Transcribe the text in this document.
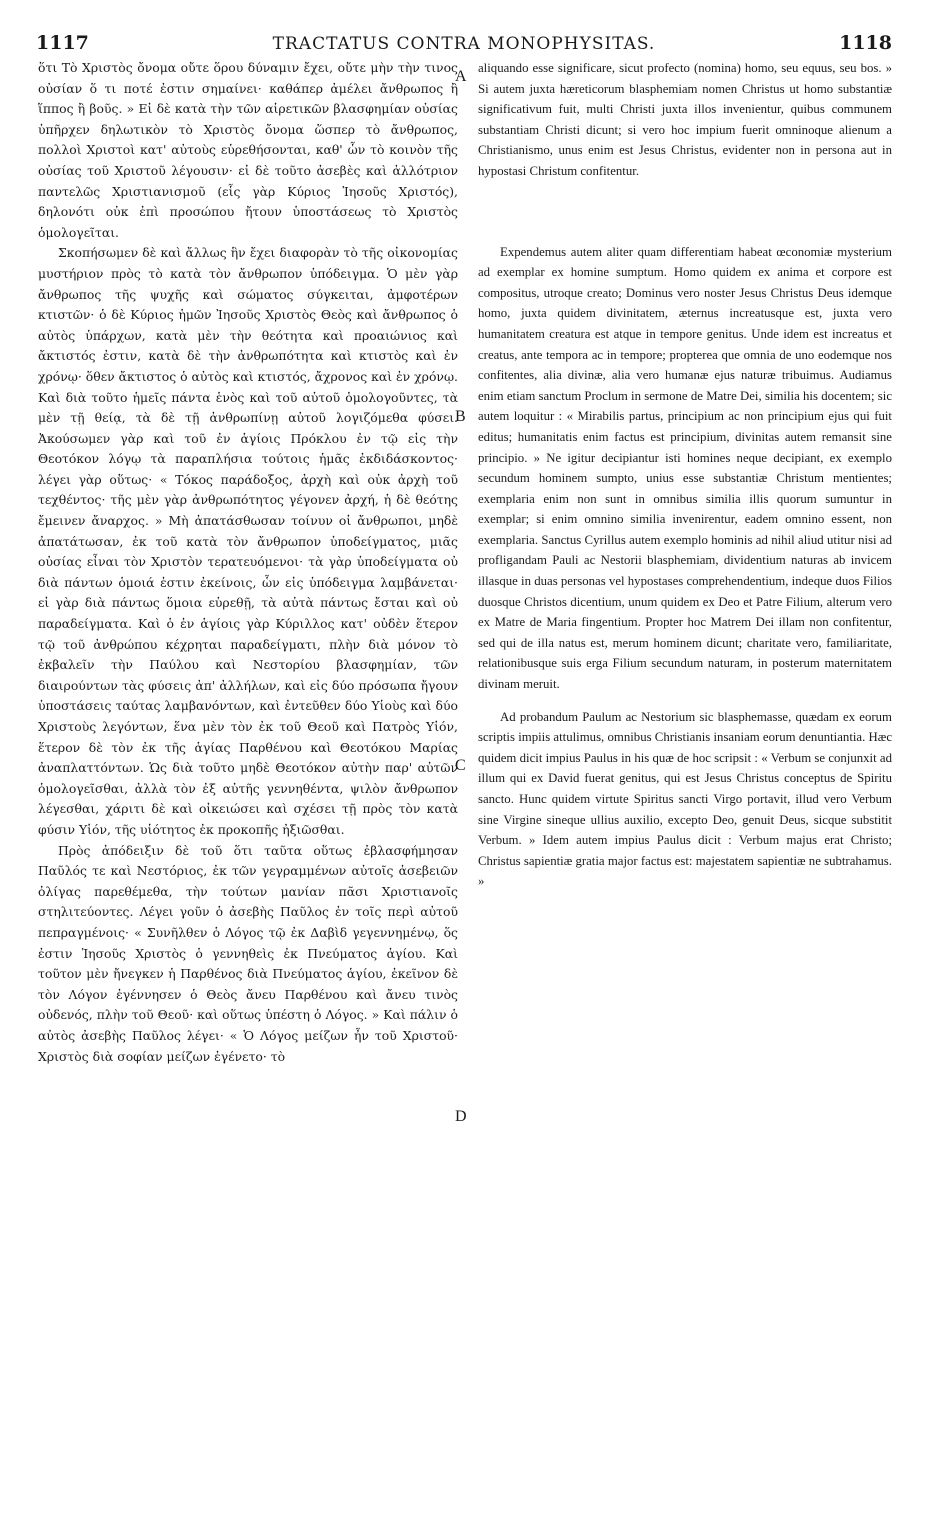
1117	TRACTATUS CONTRA MONOPHYSITAS.	1118

ὅτι Τὸ Χριστὸς ὄνομα οὔτε ὅρου δύναμιν ἔχει, οὔτε μὴν τὴν τινος οὐσίαν ὅ τι ποτέ ἐστιν σημαίνει· καθάπερ ἀμέλει ἄνθρωπος ἢ ἵππος ἢ βοῦς. » Εἰ δὲ κατὰ τὴν τῶν αἱρετικῶν βλασφημίαν οὐσίας ὑπῆρχεν δηλωτικὸν τὸ Χριστὸς ὄνομα ὥσπερ τὸ ἄνθρωπος, πολλοὶ Χριστοὶ κατ' αὐτοὺς εὑρεθήσονται, καθ' ὧν τὸ κοινὸν τῆς οὐσίας τοῦ Χριστοῦ λέγουσιν· εἰ δὲ τοῦτο ἀσεβὲς καὶ ἀλλότριον παντελῶς Χριστιανισμοῦ (εἷς γὰρ Κύριος Ἰησοῦς Χριστός), δηλονότι οὐκ ἐπὶ προσώπου ἤτουν ὑποστάσεως τὸ Χριστὸς ὁμολογεῖται.

Σκοπήσωμεν δὲ καὶ ἄλλως ἣν ἔχει διαφορὰν τὸ τῆς οἰκονομίας μυστήριον πρὸς τὸ κατὰ τὸν ἄνθρωπον ὑπόδειγμα. Ὁ μὲν γὰρ ἄνθρωπος τῆς ψυχῆς καὶ σώματος σύγκειται, ἀμφοτέρων κτιστῶν· ὁ δὲ Κύριος ἡμῶν Ἰησοῦς Χριστὸς Θεὸς καὶ ἄνθρωπος ὁ αὐτὸς ὑπάρχων, κατὰ μὲν τὴν θεότητα καὶ προαιώνιος καὶ ἄκτιστός ἐστιν, κατὰ δὲ τὴν ἀνθρωπότητα καὶ κτιστὸς καὶ ἐν χρόνῳ· ὅθεν ἄκτιστος ὁ αὐτὸς καὶ κτιστός, ἄχρονος καὶ ἐν χρόνῳ. Καὶ διὰ τοῦτο ἡμεῖς πάντα ἑνὸς καὶ τοῦ αὐτοῦ ὁμολογοῦντες, τὰ μὲν τῇ θείᾳ, τὰ δὲ τῇ ἀνθρωπίνῃ αὐτοῦ λογιζόμεθα φύσει. Ἀκούσωμεν γὰρ καὶ τοῦ ἐν ἁγίοις Πρόκλου ἐν τῷ εἰς τὴν Θεοτόκον λόγῳ τὰ παραπλήσια τούτοις ἡμᾶς ἐκδιδάσκοντος· λέγει γὰρ οὕτως· « Τόκος παράδοξος, ἀρχὴ καὶ οὐκ ἀρχὴ τοῦ τεχθέντος· τῆς μὲν γὰρ ἀνθρωπότητος γέγονεν ἀρχή, ἡ δὲ θεότης ἔμεινεν ἄναρχος. » Μὴ ἀπατάσθωσαν τοίνυν οἱ ἄνθρωποι, μηδὲ ἀπατάτωσαν, ἐκ τοῦ κατὰ τὸν ἄνθρωπον ὑποδείγματος, μιᾶς οὐσίας εἶναι τὸν Χριστὸν τερατευόμενοι· τὰ γὰρ ὑποδείγματα οὐ διὰ πάντων ὁμοιά ἐστιν ἐκείνοις, ὧν εἰς ὑπόδειγμα λαμβάνεται· εἰ γὰρ διὰ πάντως ὅμοια εὑρεθῇ, τὰ αὐτὰ πάντως ἔσται καὶ οὐ παραδείγματα. Καὶ ὁ ἐν ἁγίοις γὰρ Κύριλλος κατ' οὐδὲν ἕτερον τῷ τοῦ ἀνθρώπου κέχρηται παραδείγματι, πλὴν διὰ μόνον τὸ ἐκβαλεῖν τὴν Παύλου καὶ Νεστορίου βλασφημίαν, τῶν διαιρούντων τὰς φύσεις ἀπ' ἀλλήλων, καὶ εἰς δύο πρόσωπα ἤγουν ὑποστάσεις ταύτας λαμβανόντων, καὶ ἐντεῦθεν δύο Υἱοὺς καὶ δύο Χριστοὺς λεγόντων, ἕνα μὲν τὸν ἐκ τοῦ Θεοῦ καὶ Πατρὸς Υἱόν, ἕτερον δὲ τὸν ἐκ τῆς ἁγίας Παρθένου καὶ Θεοτόκου Μαρίας ἀναπλαττόντων. Ὡς διὰ τοῦτο μηδὲ Θεοτόκον αὐτὴν παρ' αὐτῶν ὁμολογεῖσθαι, ἀλλὰ τὸν ἐξ αὐτῆς γεννηθέντα, ψιλὸν ἄνθρωπον λέγεσθαι, χάριτι δὲ καὶ οἰκειώσει καὶ σχέσει τῇ πρὸς τὸν κατὰ φύσιν Υἱόν, τῆς υἱότητος ἐκ προκοπῆς ἠξιῶσθαι.

Πρὸς ἀπόδειξιν δὲ τοῦ ὅτι ταῦτα οὕτως ἐβλασφήμησαν Παῦλός τε καὶ Νεστόριος, ἐκ τῶν γεγραμμένων αὐτοῖς ἀσεβειῶν ὀλίγας παρεθέμεθα, τὴν τούτων μανίαν πᾶσι Χριστιανοῖς στηλιτεύοντες. Λέγει γοῦν ὁ ἀσεβὴς Παῦλος ἐν τοῖς περὶ αὐτοῦ πεπραγμένοις· « Συνῆλθεν ὁ Λόγος τῷ ἐκ Δαβὶδ γεγεννημένῳ, ὅς ἐστιν Ἰησοῦς Χριστὸς ὁ γεννηθεὶς ἐκ Πνεύματος ἁγίου. Καὶ τοῦτον μὲν ἤνεγκεν ἡ Παρθένος διὰ Πνεύματος ἁγίου, ἐκεῖνον δὲ τὸν Λόγον ἐγέννησεν ὁ Θεὸς ἄνευ Παρθένου καὶ ἄνευ τινὸς οὐδενός, πλὴν τοῦ Θεοῦ· καὶ οὕτως ὑπέστη ὁ Λόγος. » Καὶ πάλιν ὁ αὐτὸς ἀσεβὴς Παῦλος λέγει· « Ὁ Λόγος μείζων ἦν τοῦ Χριστοῦ· Χριστὸς διὰ σοφίαν μείζων ἐγένετο· τὸ

A
B
C
D

aliquando esse significare, sicut profecto (nomina) homo, seu equus, seu bos. » Si autem juxta hæreticorum blasphemiam nomen Christus ut homo substantiæ significativum fuit, multi Christi juxta illos invenientur, quibus communem substantiam Christi dicunt; si vero hoc impium fuerit omninoque alienum a Christianismo, unus enim est Jesus Christus, evidenter non in persona aut in hypostasi Christum confitentur.

Expendemus autem aliter quam differentiam habeat œconomiæ mysterium ad exemplar ex homine sumptum. Homo quidem ex anima et corpore est compositus, utroque creato; Dominus vero noster Jesus Christus Deus idemque homo, juxta quidem divinitatem, æternus increatusque est, juxta vero humanitatem creatura est atque in tempore genitus. Unde idem est increatus et creatus, ante tempora ac in tempore; propterea que omnia de uno eodemque nos confitentes, alia divinæ, alia vero humanæ ejus naturæ tribuimus. Audiamus enim etiam sanctum Proclum in sermone de Matre Dei, similia his docentem; sic autem loquitur : « Mirabilis partus, principium ac non principium ejus qui fuit editus; humanitatis enim factus est principium, divinitas autem remansit sine principio. » Ne igitur decipiantur isti homines neque decipiant, ex exemplo secundum hominem sumpto, unius esse substantiæ Christum mentientes; exemplaria enim non sunt in omnibus similia illis quorum sumuntur in exemplar; si enim omnino similia invenirentur, eadem omnino essent, non exemplaria. Sanctus Cyrillus autem exemplo hominis ad nihil aliud utitur nisi ad profligandam Pauli ac Nestorii blasphemiam, dividentium naturas ab invicem illasque in duas personas vel hypostases comprehendentium, indeque duos Filios duosque Christos dicentium, unum quidem ex Deo et Patre Filium, alterum vero ex Matre de Maria fingentium. Propter hoc Matrem Dei illam non confitentur, sed qui de illa natus est, merum hominem dicunt; charitate vero, familiaritate, relationibusque suis erga Filium secundum naturam, in posterum maternitatem divinam meruit.

Ad probandum Paulum ac Nestorium sic blasphemasse, quædam ex eorum scriptis impiis attulimus, omnibus Christianis insaniam eorum denuntiantia. Hæc quidem dicit impius Paulus in his quæ de hoc scripsit : « Verbum se conjunxit ad illum qui ex David fuerat genitus, qui est Jesus Christus conceptus de Spiritu sancto. Hunc quidem virtute Spiritus sancti Virgo portavit, illud vero Verbum sine Virgine sineque ullius auxilio, excepto Deo, genuit Deus, sicque substitit Verbum. » Idem autem impius Paulus dicit : Verbum majus erat Christo; Christus sapientiæ gratia major factus est: majestatem sapientiæ ne subtrahamus. »
